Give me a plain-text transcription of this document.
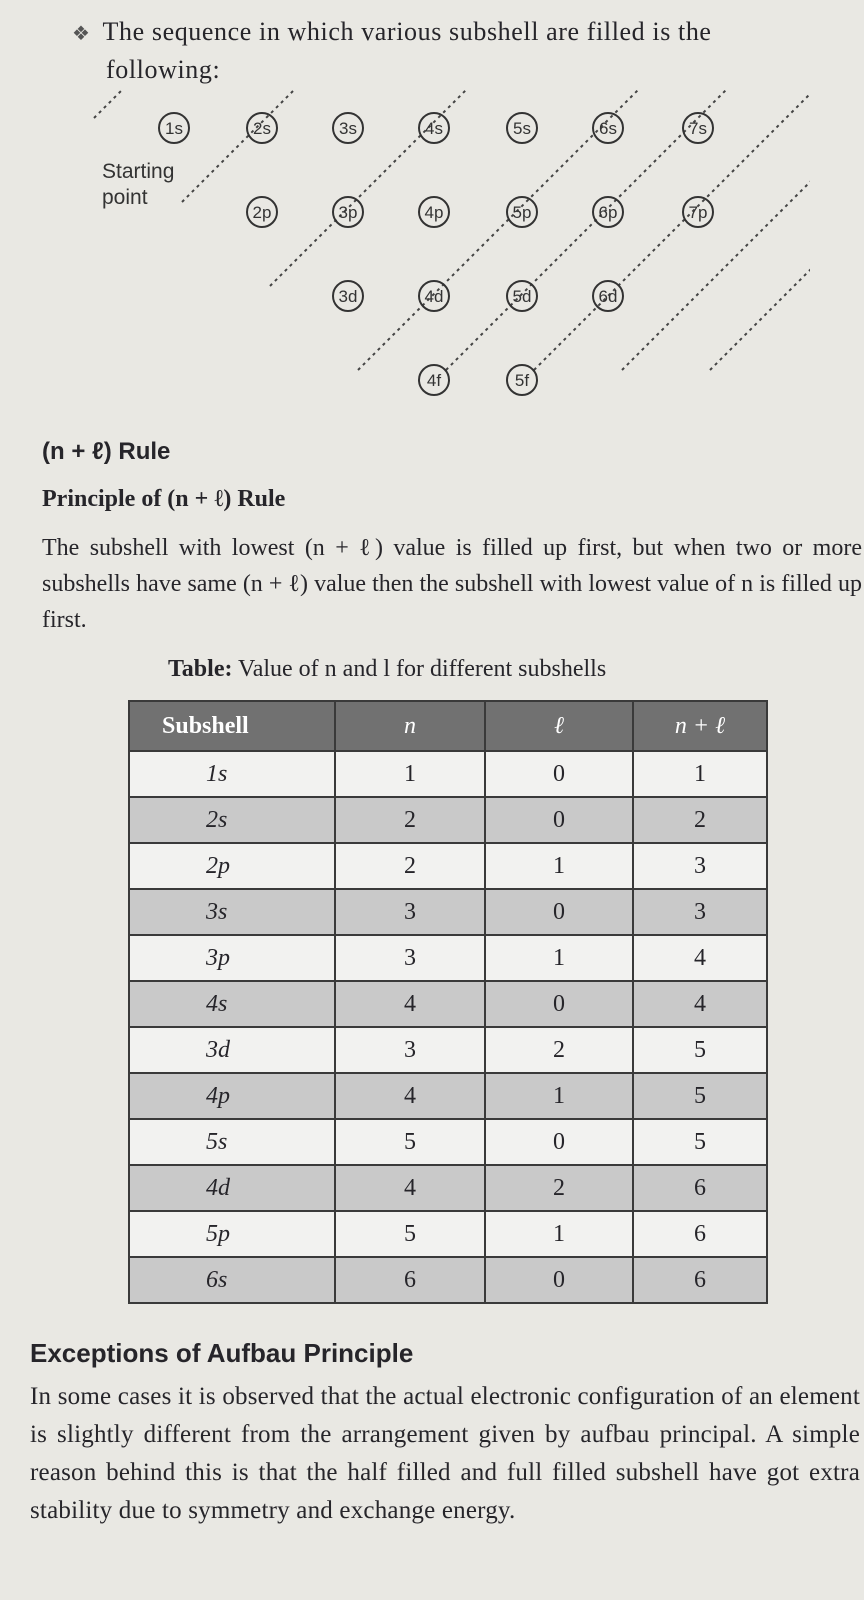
❖ The sequence in which various subshell are filled is the
following:
1s	2s	3s	4s	5s	6s	7s
2p	3p	4p	5p	6p	7p
3d	4d	5d	6d
4f	5f
Starting
point
(n + ℓ) Rule
Principle of (n + ℓ) Rule
The subshell with lowest (n + ℓ) value is filled up first, but when two or more subshells have same (n + ℓ) value then the subshell with lowest value of n is filled up first.
Table: Value of n and l for different subshells
Subshell	n	ℓ	n + ℓ
1s	1	0	1
2s	2	0	2
2p	2	1	3
3s	3	0	3
3p	3	1	4
4s	4	0	4
3d	3	2	5
4p	4	1	5
5s	5	0	5
4d	4	2	6
5p	5	1	6
6s	6	0	6
Exceptions of Aufbau Principle
In some cases it is observed that the actual electronic configuration of an element is slightly different from the arrangement given by aufbau principal. A simple reason behind this is that the half filled and full filled subshell have got extra stability due to symmetry and exchange energy.
